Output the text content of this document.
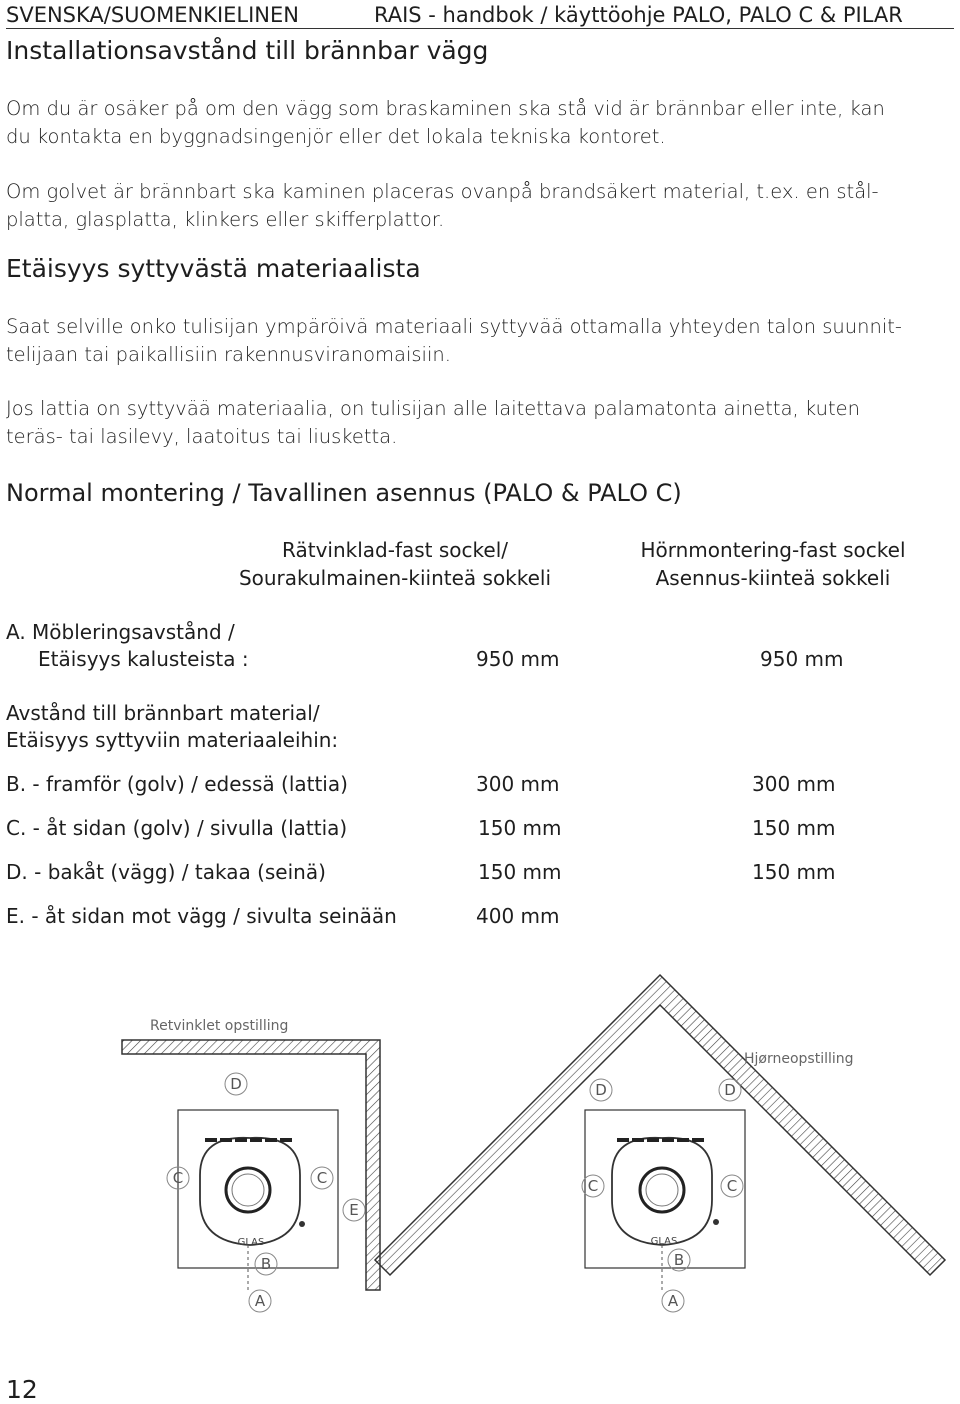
SVENSKA/SUOMENKIELINEN	RAIS - handbok / käyttöohje PALO, PALO C & PILAR
Installationsavstånd till brännbar vägg
Om du är osäker på om den vägg som braskaminen ska stå vid är brännbar eller inte, kan
du kontakta en byggnadsingenjör eller det lokala tekniska kontoret.
Om golvet är brännbart ska kaminen placeras ovanpå brandsäkert material, t.ex. en stål-
platta, glasplatta, klinkers eller skifferplattor.
Etäisyys syttyvästä materiaalista
Saat selville onko tulisijan ympäröivä materiaali syttyvää ottamalla yhteyden talon suunnit-
telijaan tai paikallisiin rakennusviranomaisiin.
Jos lattia on syttyvää materiaalia, on tulisijan alle laitettava palamatonta ainetta, kuten
teräs- tai lasilevy, laatoitus tai liusketta.
Normal montering / Tavallinen asennus (PALO & PALO C)
Rätvinklad-fast sockel/
Sourakulmainen-kiinteä sokkeli
Hörnmontering-fast sockel
Asennus-kiinteä sokkeli
A. Möbleringsavstånd /
Etäisyys kalusteista :	950 mm	950 mm
Avstånd till brännbart material/
Etäisyys syttyviin materiaaleihin:
B. - framför (golv) / edessä (lattia)	300 mm	300 mm
C. - åt sidan (golv) / sivulla (lattia)	150 mm	150 mm
D. - bakåt (vägg) / takaa (seinä)	150 mm	150 mm
E. - åt sidan mot vägg / sivulta seinään	400 mm
Retvinklet opstilling
D
C	C
E
GLAS
B
A
Hjørneopstilling
D	D
C	C
GLAS
B
A
12
